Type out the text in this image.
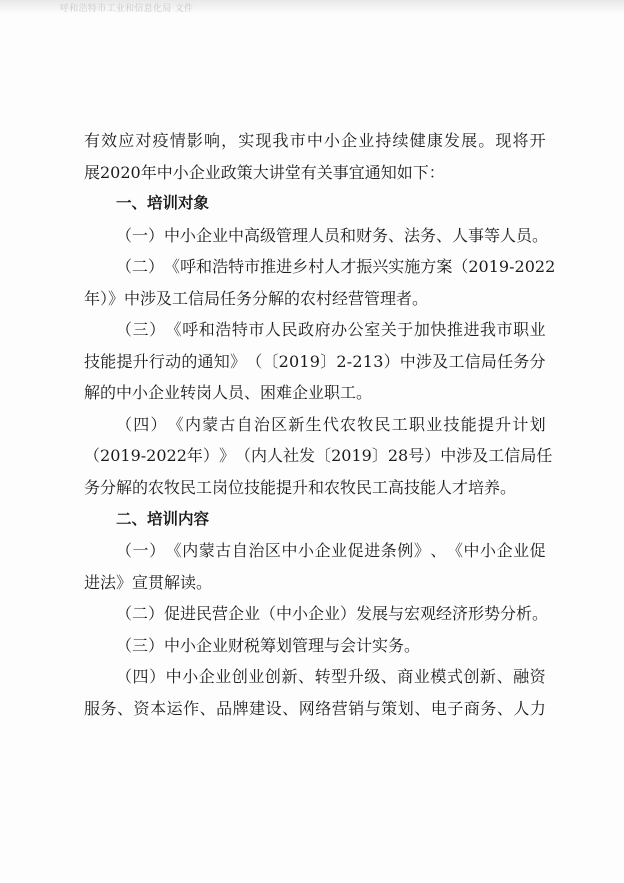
呼和浩特市工业和信息化局 文件
有 效 应 对 疫 情 影 响 ， 实 现 我 市 中 小 企 业 持 续 健 康 发 展 。 现 将 开
展2020年中小企业政策大讲堂有关事宜通知如下：
一、培训对象
（一）中小企业中高级管理人员和财务、法务、人事等人员。
（ 二 ） 《 呼 和 浩 特 市 推 进 乡 村 人 才 振 兴 实 施 方 案 （ 2 0 1 9 - 2 0 2 2
年）》中涉及工信局任务分解的农村经营管理者。
（ 三 ） 《 呼 和 浩 特 市 人 民 政 府 办 公 室 关 于 加 快 推 进 我 市 职 业
技 能 提 升 行 动 的 通 知 》 （ 〔 2 0 1 9 〕 2 - 2 1 3 ） 中 涉 及 工 信 局 任 务 分
解的中小企业转岗人员、困难企业职工。
（ 四 ） 《 内 蒙 古 自 治 区 新 生 代 农 牧 民 工 职 业 技 能 提 升 计 划
（ 2 0 1 9 - 2 0 2 2 年 ） 》 （ 内 人 社 发 〔 2 0 1 9 〕 2 8 号 ） 中 涉 及 工 信 局 任
务分解的农牧民工岗位技能提升和农牧民工高技能人才培养。
二、培训内容
（ 一 ） 《 内 蒙 古 自 治 区 中 小 企 业 促 进 条 例 》 、 《 中 小 企 业 促
进法》宣贯解读。
（二）促进民营企业（中小企业）发展与宏观经济形势分析。
（三）中小企业财税筹划管理与会计实务。
（ 四 ） 中 小 企 业 创 业 创 新 、 转 型 升 级 、 商 业 模 式 创 新 、 融 资
服 务 、 资 本 运 作 、 品 牌 建 设 、 网 络 营 销 与 策 划 、 电 子 商 务 、 人 力
